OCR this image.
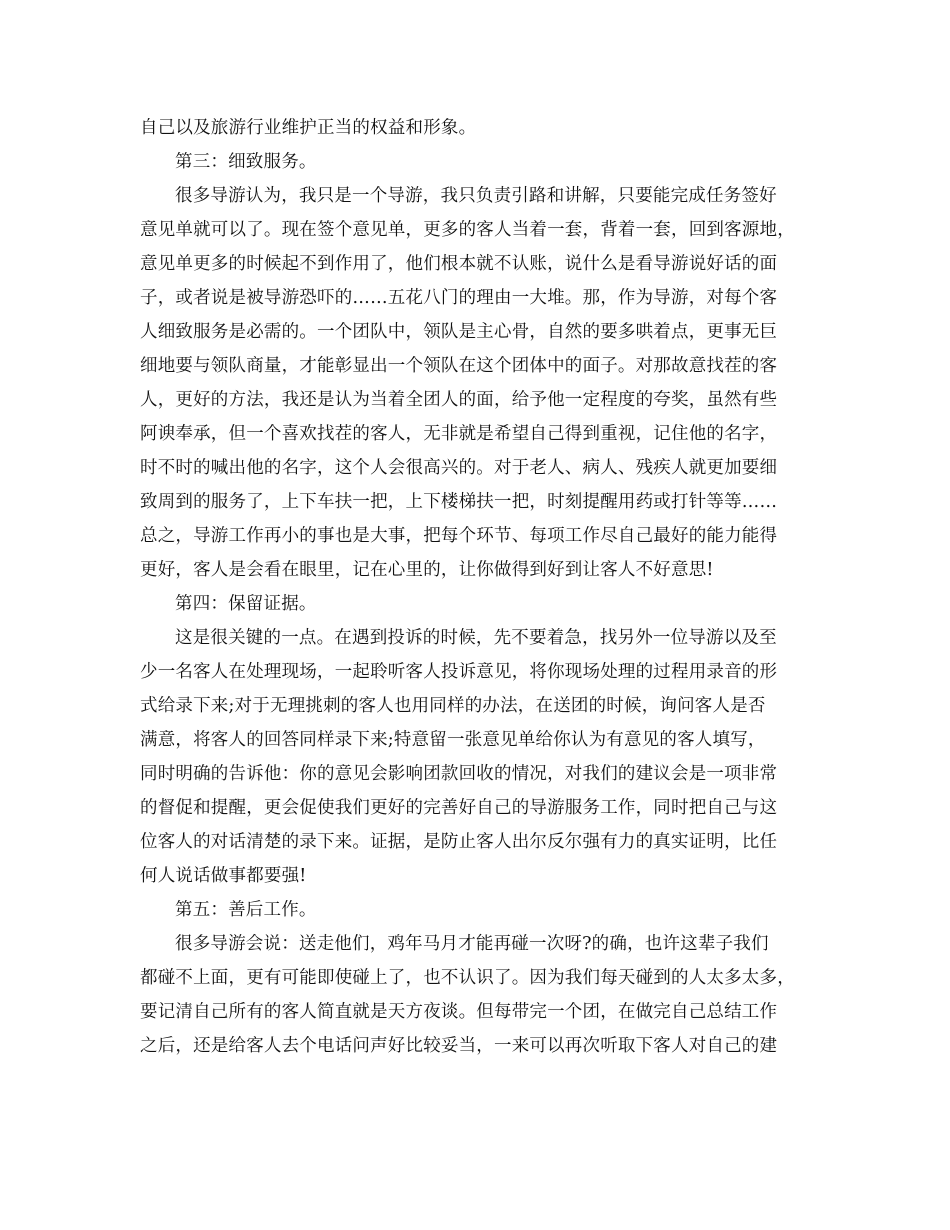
自己以及旅游行业维护正当的权益和形象。
第三：细致服务。
很多导游认为，我只是一个导游，我只负责引路和讲解，只要能完成任务签好
意见单就可以了。现在签个意见单，更多的客人当着一套，背着一套，回到客源地，
意见单更多的时候起不到作用了，他们根本就不认账，说什么是看导游说好话的面
子，或者说是被导游恐吓的……五花八门的理由一大堆。那，作为导游，对每个客
人细致服务是必需的。一个团队中，领队是主心骨，自然的要多哄着点，更事无巨
细地要与领队商量，才能彰显出一个领队在这个团体中的面子。对那故意找茬的客
人，更好的方法，我还是认为当着全团人的面，给予他一定程度的夸奖，虽然有些
阿谀奉承，但一个喜欢找茬的客人，无非就是希望自己得到重视，记住他的名字，
时不时的喊出他的名字，这个人会很高兴的。对于老人、病人、残疾人就更加要细
致周到的服务了，上下车扶一把，上下楼梯扶一把，时刻提醒用药或打针等等……
总之，导游工作再小的事也是大事，把每个环节、每项工作尽自己最好的能力能得
更好，客人是会看在眼里，记在心里的，让你做得到好到让客人不好意思!
第四：保留证据。
这是很关键的一点。在遇到投诉的时候，先不要着急，找另外一位导游以及至
少一名客人在处理现场，一起聆听客人投诉意见，将你现场处理的过程用录音的形
式给录下来;对于无理挑刺的客人也用同样的办法，在送团的时候，询问客人是否
满意，将客人的回答同样录下来;特意留一张意见单给你认为有意见的客人填写，
同时明确的告诉他：你的意见会影响团款回收的情况，对我们的建议会是一项非常
的督促和提醒，更会促使我们更好的完善好自己的导游服务工作，同时把自己与这
位客人的对话清楚的录下来。证据，是防止客人出尔反尔强有力的真实证明，比任
何人说话做事都要强!
第五：善后工作。
很多导游会说：送走他们，鸡年马月才能再碰一次呀?的确，也许这辈子我们
都碰不上面，更有可能即使碰上了，也不认识了。因为我们每天碰到的人太多太多，
要记清自己所有的客人简直就是天方夜谈。但每带完一个团，在做完自己总结工作
之后，还是给客人去个电话问声好比较妥当，一来可以再次听取下客人对自己的建
